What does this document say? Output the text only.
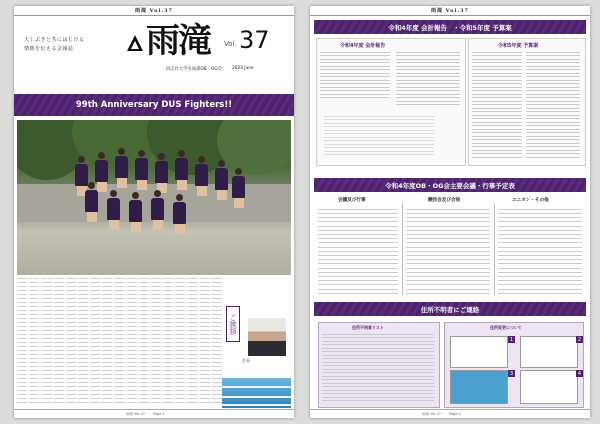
雨滝 Vol.37
大しぶきと共にはじける
情熱を伝える会報誌 雨滝 Vol. 37
同志社大学水泳部OB・OG会 2023 June
99th Anniversary DUS Fighters!!
ご挨拶
会長
雨滝 Vol.37 Page 1
雨滝 Vol.37
令和4年度 会計報告 ・令和5年度 予算案
令和4年度 会計報告	令和5年度 予算案
令和4年度OB・OG会主要会議・行事予定表
会議及び行事	競技会及び合宿	ユニオン・その他
住所不明者にご連絡
住所不明者リスト	住所変更について
1	2
3	4
雨滝 Vol.37 Page 4
